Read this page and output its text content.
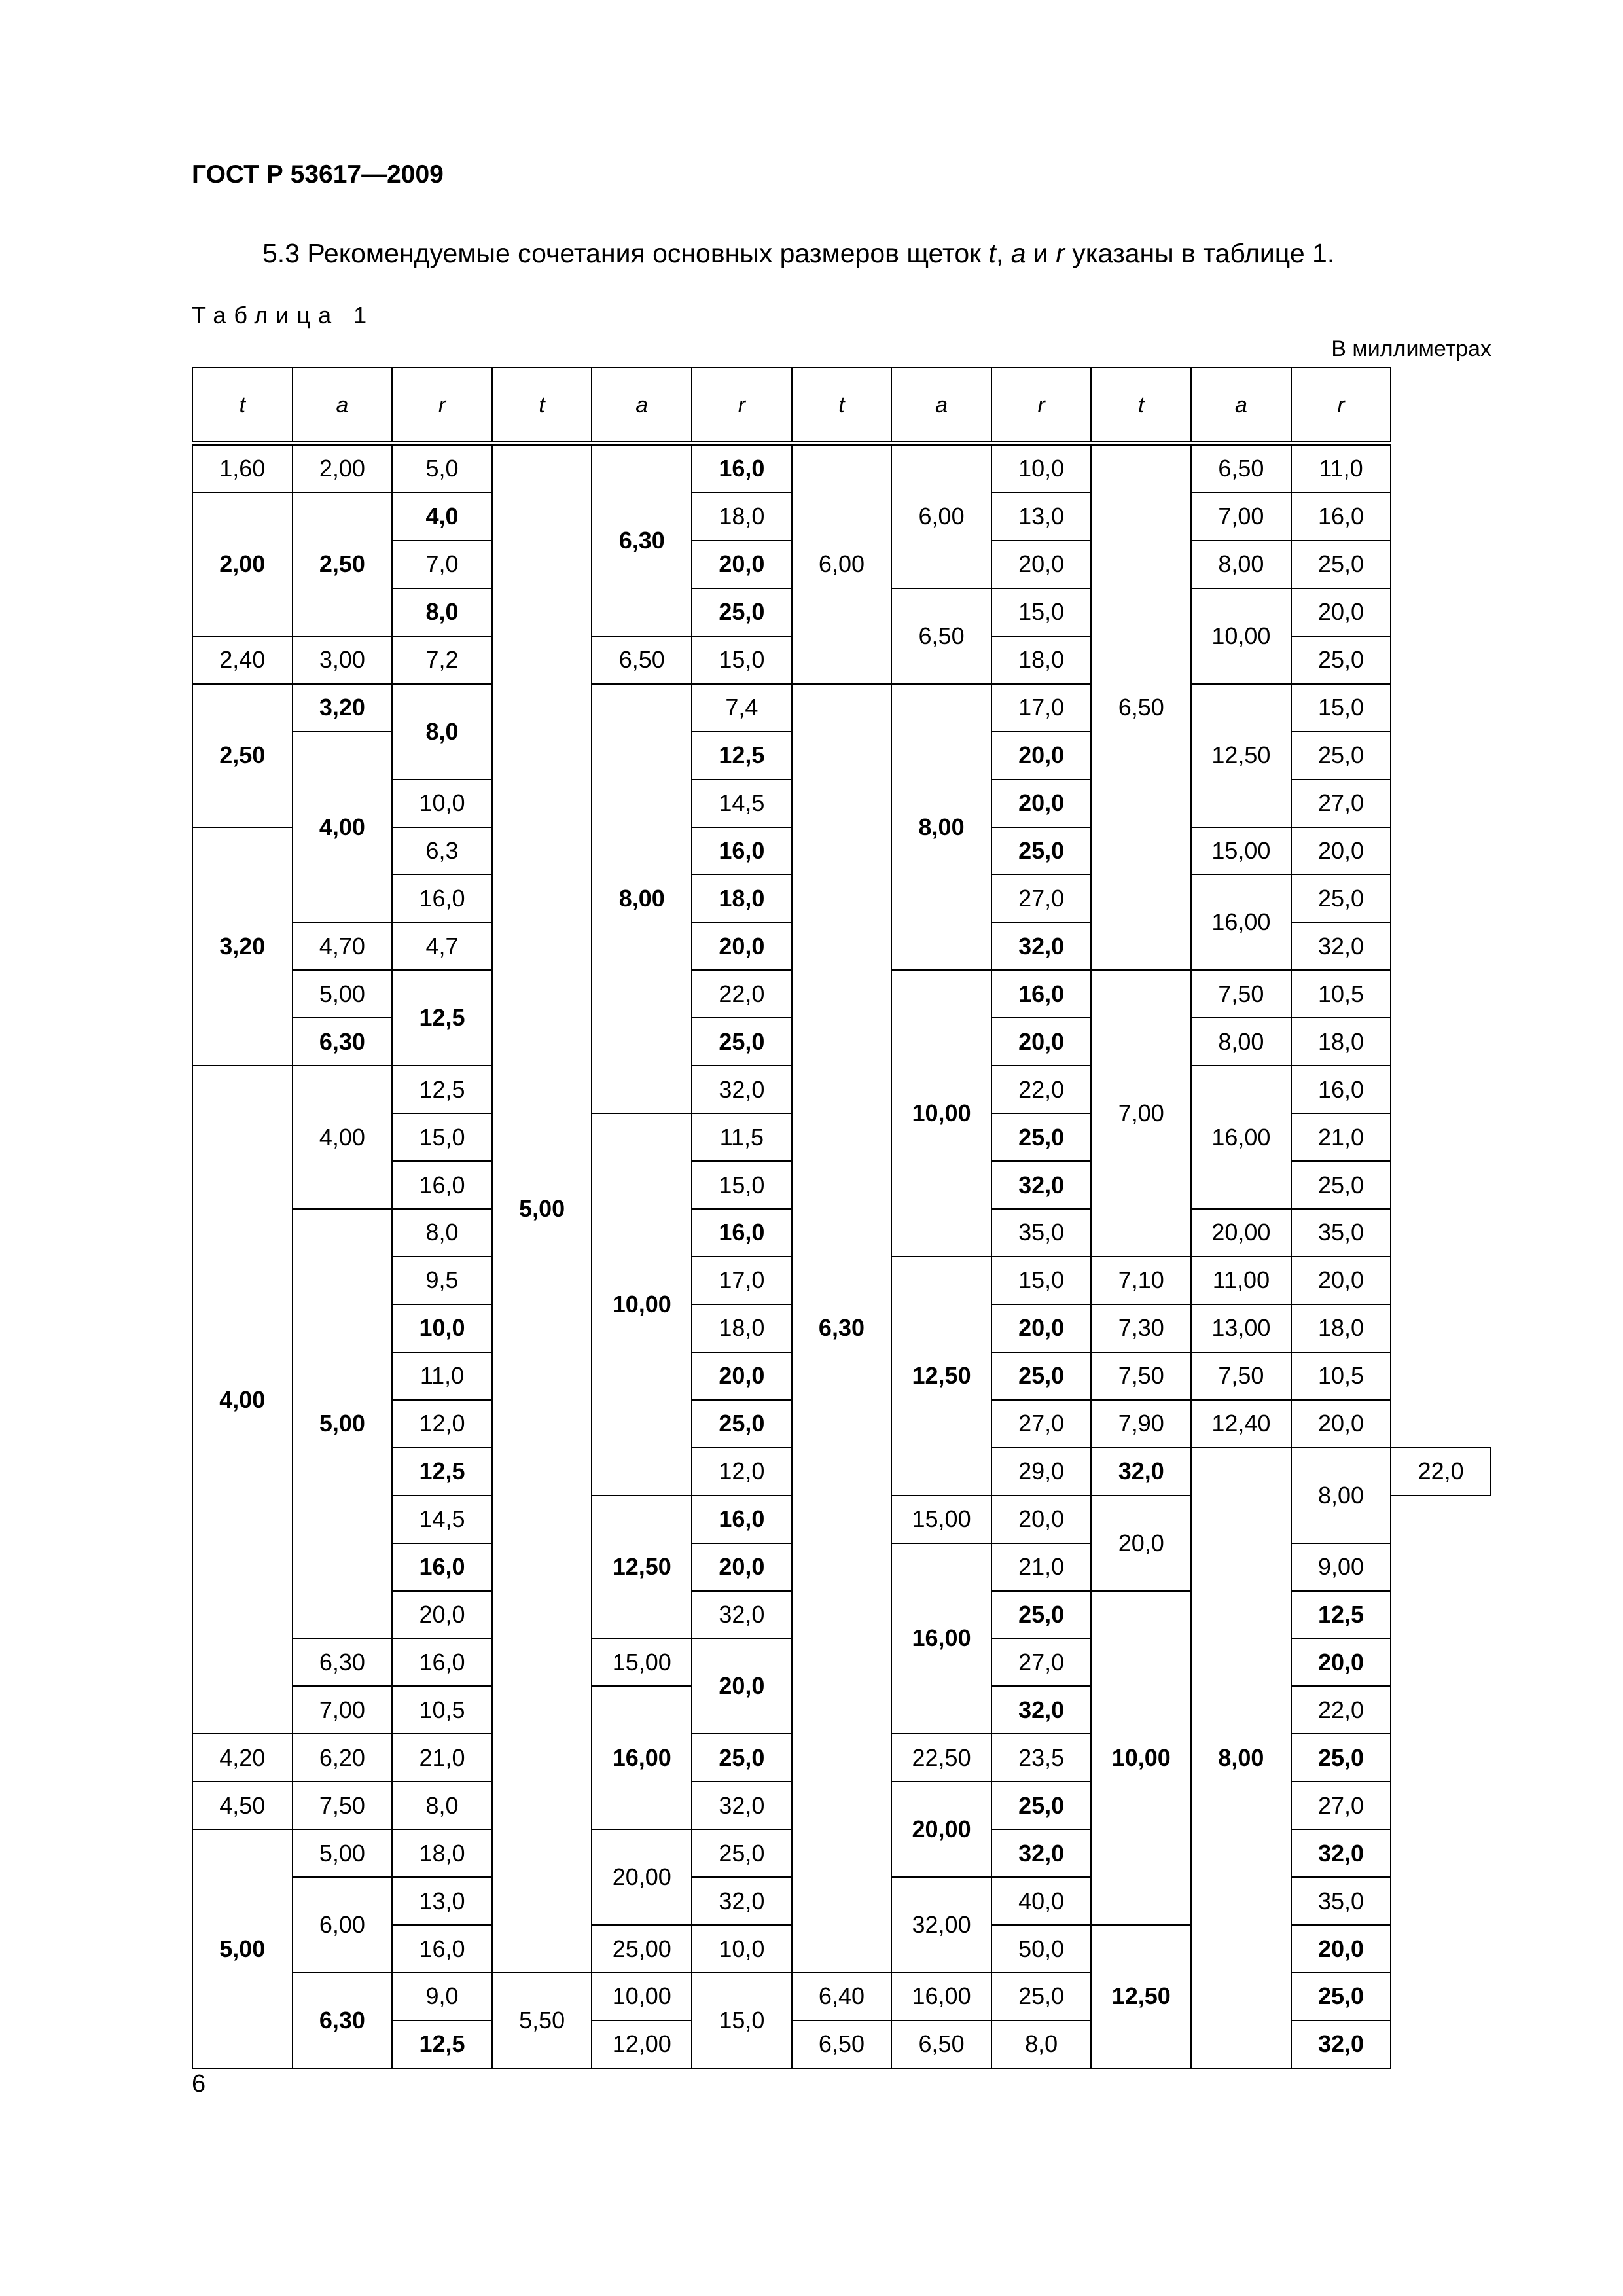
ГОСТ Р 53617—2009
5.3 Рекомендуемые сочетания основных размеров щеток t, a и r указаны в таблице 1.
Таблица 1
В миллиметрах
t	a	r	t	a	r	t	a	r	t	a	r	
1,60	2,00	5,0	5,00	6,30	16,0	6,00	6,00	10,0	6,50	6,50	11,0	
2,00	2,50	4,0			18,0			13,0		7,00	16,0	
		7,0			20,0			20,0		8,00	25,0	
		8,0			25,0		6,50	15,0		10,00	20,0	
2,40	3,00	7,2		6,50	15,0			18,0			25,0	
2,50	3,20	8,0		8,00	7,4	6,30	8,00	17,0		12,50	15,0	
	4,00				12,5			20,0			25,0	
		10,0			14,5			20,0			27,0	
3,20		6,3			16,0			25,0		15,00	20,0	
		16,0			18,0			27,0		16,00	25,0	
	4,70	4,7			20,0			32,0			32,0	
	5,00	12,5			22,0		10,00	16,0	7,00	7,50	10,5	
	6,30				25,0			20,0		8,00	18,0	
4,00	4,00	12,5			32,0			22,0		16,00	16,0	
		15,0		10,00	11,5			25,0			21,0	
		16,0			15,0			32,0			25,0	
	5,00	8,0			16,0			35,0		20,00	35,0	
		9,5			17,0		12,50	15,0	7,10	11,00	20,0	
		10,0			18,0			20,0	7,30	13,00	18,0	
		11,0			20,0			25,0	7,50	7,50	10,5	
		12,0			25,0			27,0	7,90	12,40	20,0	
		12,5			12,0			29,0	32,0	8,00	8,00	22,0
		14,5		12,50	16,0		15,00	20,0	20,0			
		16,0			20,0		16,00	21,0			9,00	
		20,0			32,0			25,0	10,00		12,5	
	6,30	16,0		15,00	20,0			27,0			20,0	
	7,00	10,5		16,00				32,0			22,0	
4,20	6,20	21,0			25,0		22,50	23,5			25,0	
4,50	7,50	8,0			32,0		20,00	25,0			27,0	
5,00	5,00	18,0		20,00	25,0			32,0			32,0	
	6,00	13,0			32,0		32,00	40,0			35,0	
		16,0		25,00	10,0			50,0	12,50		20,0	
	6,30	9,0	5,50	10,00	15,0	6,40	16,00	25,0			25,0	
		12,5		12,00		6,50	6,50	8,0			32,0	
6
